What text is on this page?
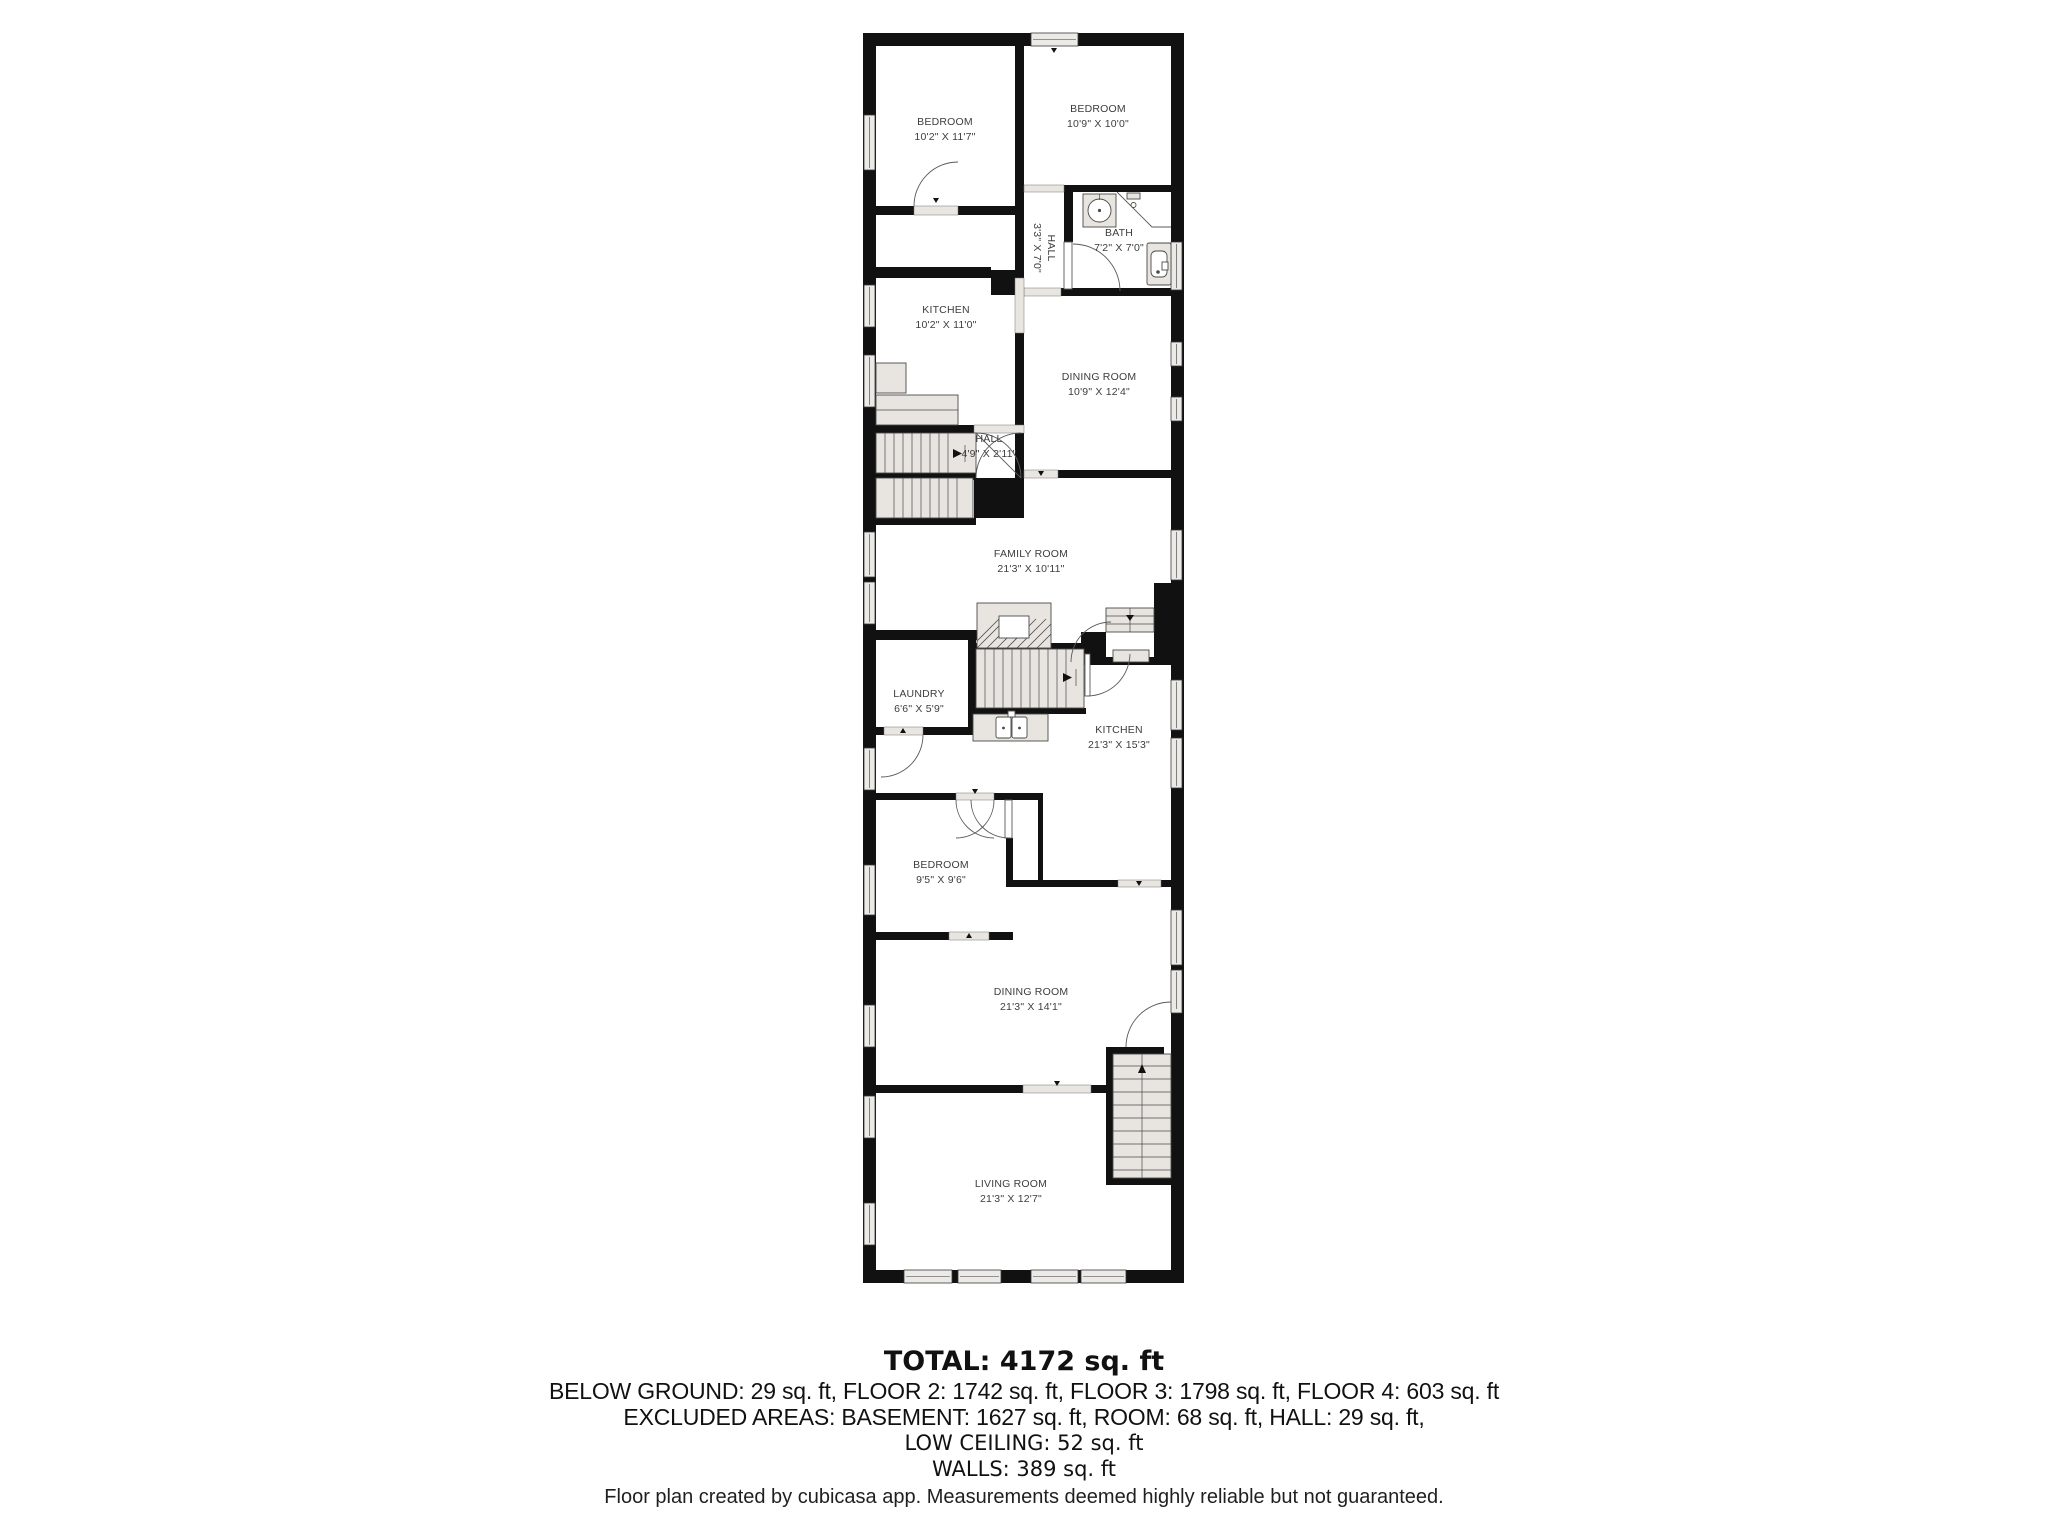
BEDROOM
10'2" X 11'7"
BEDROOM
10'9" X 10'0"
HALL
3'3" X 7'0"	BATH
7'2" X 7'0"
KITCHEN
10'2" X 11'0"
DINING ROOM
10'9" X 12'4"
HALL
4'9" X 2'11"
FAMILY ROOM
21'3" X 10'11"
LAUNDRY
6'6" X 5'9"
KITCHEN
21'3" X 15'3"
BEDROOM
9'5" X 9'6"
DINING ROOM
21'3" X 14'1"
LIVING ROOM
21'3" X 12'7"
TOTAL: 4172 sq. ft
BELOW GROUND: 29 sq. ft, FLOOR 2: 1742 sq. ft, FLOOR 3: 1798 sq. ft, FLOOR 4: 603 sq. ft
EXCLUDED AREAS: BASEMENT: 1627 sq. ft, ROOM: 68 sq. ft, HALL: 29 sq. ft,
LOW CEILING: 52 sq. ft
WALLS: 389 sq. ft
Floor plan created by cubicasa app. Measurements deemed highly reliable but not guaranteed.
